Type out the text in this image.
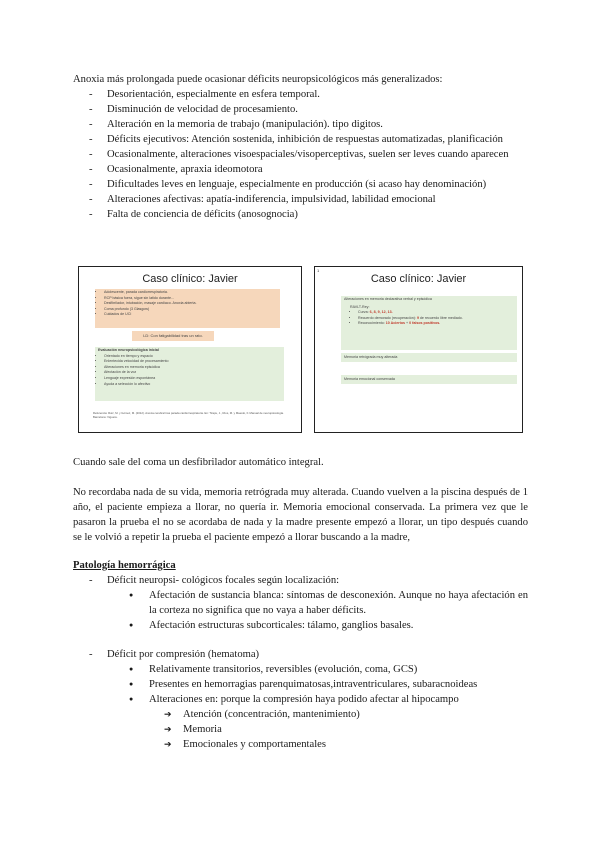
Anoxia más prolongada puede ocasionar déficits neuropsicológicos más generalizados:

- Desorientación, especialmente en esfera temporal.
- Disminución de velocidad de procesamiento.
- Alteración en la memoria de trabajo (manipulación). tipo digitos.
- Déficits ejecutivos: Atención sostenida, inhibición de respuestas automatizadas, planificación
- Ocasionalmente, alteraciones visoespaciales/visoperceptivas, suelen ser leves cuando aparecen
- Ocasionalmente, apraxia ideomotora
- Dificultades leves en lenguaje, especialmente en producción (si acaso hay denominación)
- Alteraciones afectivas: apatía-indiferencia, impulsividad, labilidad emocional
- Falta de conciencia de déficits (anosognocia)
Caso clínico: Javier
• Adolescente, parada cardiorrespiratoria.
• RCP básica fuera, sigue sin latido durante...
• Desfibrilador, intubación, masaje cardíaco. Anoxia abierta.
• Coma profundo (3 Glasgow)
• Cuidados de UCI
LD: Con fatigabilidad tras un rato.
Evaluación neuropsicológica inicial
• Orientado en tiempo y espacio
• Enlentecida velocidad de procesamiento
• Alteraciones en memoria episódica
• Afectación de la voz
• Lenguaje expresión espontánea
• Ayuda a selección lo afectivo
Referencia: Ruiz, M. y Gómez, M. (2012). Anoxia cerebral tras parada cardiorrespiratoria. En: Tirapu, J., Ríos, M. y Maestú, F. Manual de neuropsicología. Barcelona: Viguera.
1
Caso clínico: Javier
Alteraciones en memoria declarativa verbal y episódica
RAVLT-Rey:
• Curva: 6, 8, 9, 12, 13.
• Recuerdo demorado (recuperación): 9 de recuerdo libre mediado.
• Reconocimiento: 10 Aciertos + 0 falsos positivos.
Memoria retrógrada muy alterada
Memoria emocional conservada
Cuando sale del coma un desfibrilador automático integral.
No recordaba nada de su vida, memoria retrógrada muy alterada. Cuando vuelven a la piscina después de 1 año, el paciente empieza a llorar, no quería ir. Memoria emocional conservada. La primera vez que le pasaron la prueba el no se acordaba de nada y la madre presente empezó a llorar, un tipo después cuando se le volvió a repetir la prueba el paciente empezó a llorar buscando a la madre,

Patología hemorrágica

- Déficit neuropsi- cológicos focales según localización:
● Afectación de sustancia blanca: síntomas de desconexión. Aunque no haya afectación en la corteza no significa que no vaya a haber déficits.
● Afectación estructuras subcorticales: tálamo, ganglios basales.
- Déficit por compresión (hematoma)
● Relativamente transitorios, reversibles (evolución, coma, GCS)
● Presentes en hemorragias parenquimatosas,intraventriculares, subaracnoideas
● Alteraciones en: porque la compresión haya podido afectar al hipocampo
➔ Atención (concentración, mantenimiento)
➔ Memoria
➔ Emocionales y comportamentales
